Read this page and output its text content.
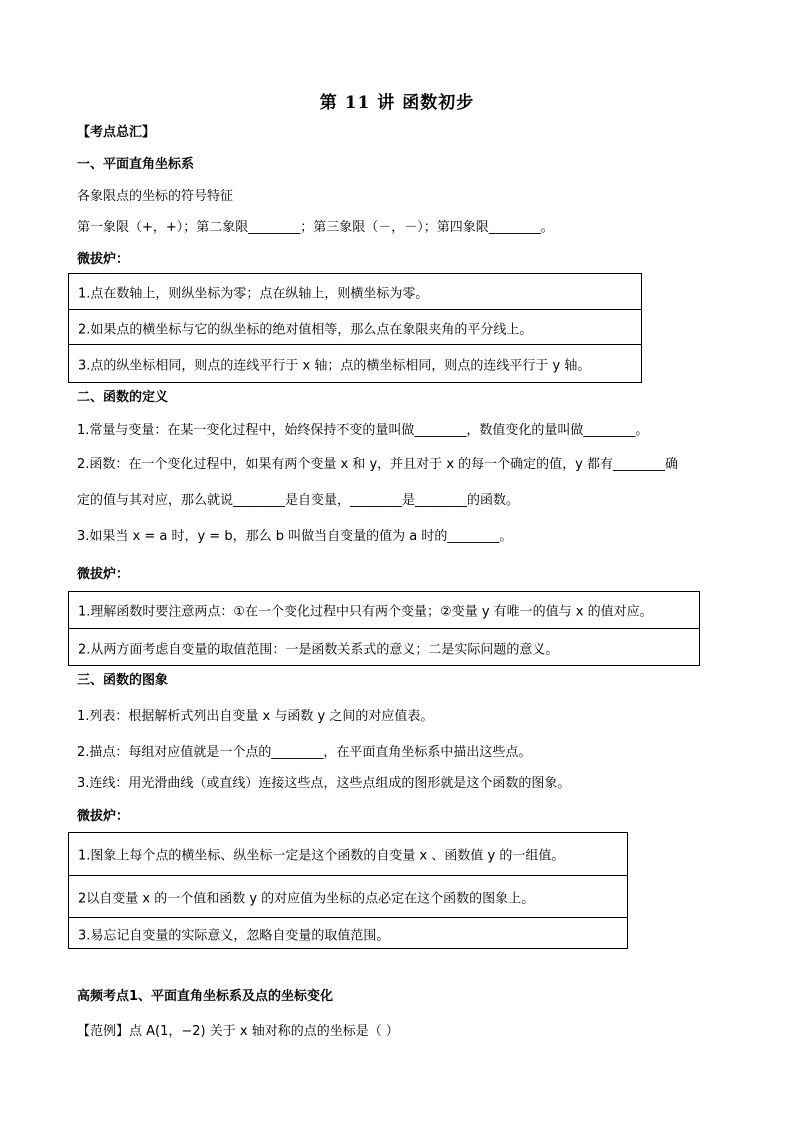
第 11 讲 函数初步
【考点总汇】
一、平面直角坐标系
各象限点的坐标的符号特征
第一象限（+，+）；第二象限________；第三象限（－，－）；第四象限________。
微拔炉：
1.点在数轴上，则纵坐标为零；点在纵轴上，则横坐标为零。
2.如果点的横坐标与它的纵坐标的绝对值相等，那么点在象限夹角的平分线上。
3.点的纵坐标相同，则点的连线平行于 x 轴；点的横坐标相同，则点的连线平行于 y 轴。
二、函数的定义
1.常量与变量：在某一变化过程中，始终保持不变的量叫做________，数值变化的量叫做________。
2.函数：在一个变化过程中，如果有两个变量 x 和 y，并且对于 x 的每一个确定的值，y 都有________确
定的值与其对应，那么就说________是自变量，________是________的函数。
3.如果当 x = a 时，y = b，那么 b 叫做当自变量的值为 a 时的________。
微拔炉：
1.理解函数时要注意两点：①在一个变化过程中只有两个变量；②变量 y 有唯一的值与 x 的值对应。
2.从两方面考虑自变量的取值范围：一是函数关系式的意义；二是实际问题的意义。
三、函数的图象
1.列表：根据解析式列出自变量 x 与函数 y 之间的对应值表。
2.描点：每组对应值就是一个点的________，在平面直角坐标系中描出这些点。
3.连线：用光滑曲线（或直线）连接这些点，这些点组成的图形就是这个函数的图象。
微拔炉：
1.图象上每个点的横坐标、纵坐标一定是这个函数的自变量 x 、函数值 y 的一组值。
2以自变量 x 的一个值和函数 y 的对应值为坐标的点必定在这个函数的图象上。
3.易忘记自变量的实际意义，忽略自变量的取值范围。
高频考点1、平面直角坐标系及点的坐标变化
【范例】点 A(1，−2) 关于 x 轴对称的点的坐标是（ ）
